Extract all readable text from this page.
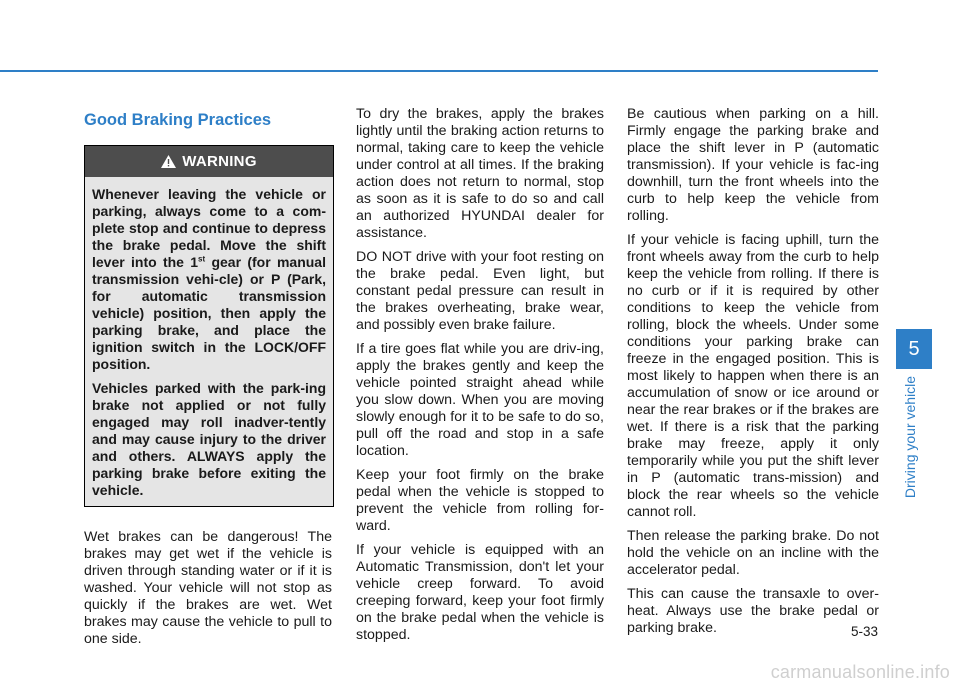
Good Braking Practices
WARNING

Whenever leaving the vehicle or parking, always come to a com-plete stop and continue to depress the brake pedal. Move the shift lever into the 1st gear (for manual transmission vehi-cle) or P (Park, for automatic transmission vehicle) position, then apply the parking brake, and place the ignition switch in the LOCK/OFF position.

Vehicles parked with the park-ing brake not applied or not fully engaged may roll inadver-tently and may cause injury to the driver and others. ALWAYS apply the parking brake before exiting the vehicle.

Wet brakes can be dangerous! The brakes may get wet if the vehicle is driven through standing water or if it is washed. Your vehicle will not stop as quickly if the brakes are wet. Wet brakes may cause the vehicle to pull to one side.

To dry the brakes, apply the brakes lightly until the braking action returns to normal, taking care to keep the vehicle under control at all times. If the braking action does not return to normal, stop as soon as it is safe to do so and call an authorized HYUNDAI dealer for assistance.

DO NOT drive with your foot resting on the brake pedal. Even light, but constant pedal pressure can result in the brakes overheating, brake wear, and possibly even brake failure.

If a tire goes flat while you are driv-ing, apply the brakes gently and keep the vehicle pointed straight ahead while you slow down. When you are moving slowly enough for it to be safe to do so, pull off the road and stop in a safe location.

Keep your foot firmly on the brake pedal when the vehicle is stopped to prevent the vehicle from rolling for-ward.

If your vehicle is equipped with an Automatic Transmission, don't let your vehicle creep forward. To avoid creeping forward, keep your foot firmly on the brake pedal when the vehicle is stopped.

Be cautious when parking on a hill. Firmly engage the parking brake and place the shift lever in P (automatic transmission). If your vehicle is fac-ing downhill, turn the front wheels into the curb to help keep the vehicle from rolling.

If your vehicle is facing uphill, turn the front wheels away from the curb to help keep the vehicle from rolling. If there is no curb or if it is required by other conditions to keep the vehicle from rolling, block the wheels. Under some conditions your parking brake can freeze in the engaged position. This is most likely to happen when there is an accumulation of snow or ice around or near the rear brakes or if the brakes are wet. If there is a risk that the parking brake may freeze, apply it only temporarily while you put the shift lever in P (automatic trans-mission) and block the rear wheels so the vehicle cannot roll.

Then release the parking brake. Do not hold the vehicle on an incline with the accelerator pedal.

This can cause the transaxle to over-heat. Always use the brake pedal or parking brake.

5
Driving your vehicle
5-33
carmanualsonline.info
